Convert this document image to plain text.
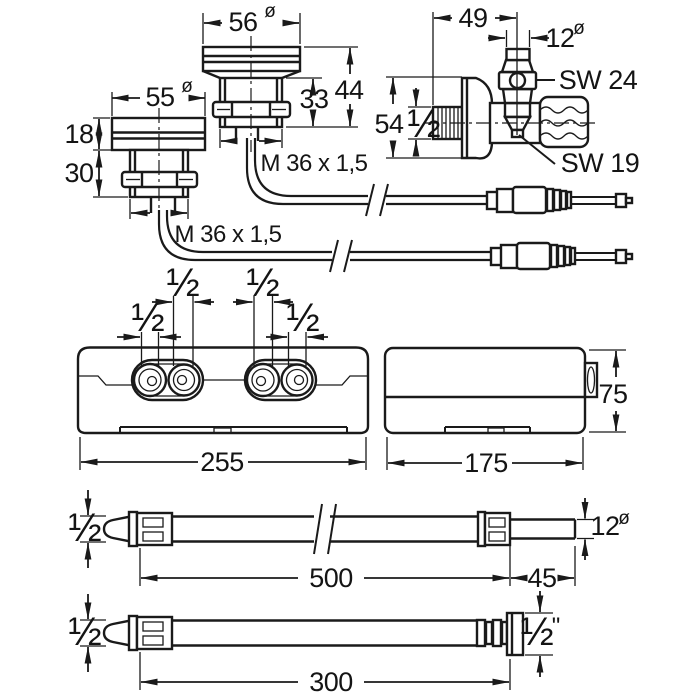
55 ø
18
30
M 36 x 1,5
56 ø
33 44
M 36 x 1,5
49
12
ø
SW 24
SW 19
54 ½
½ ½
½	½
255
75
175
½
500	45
12
ø
½
300
½
"
